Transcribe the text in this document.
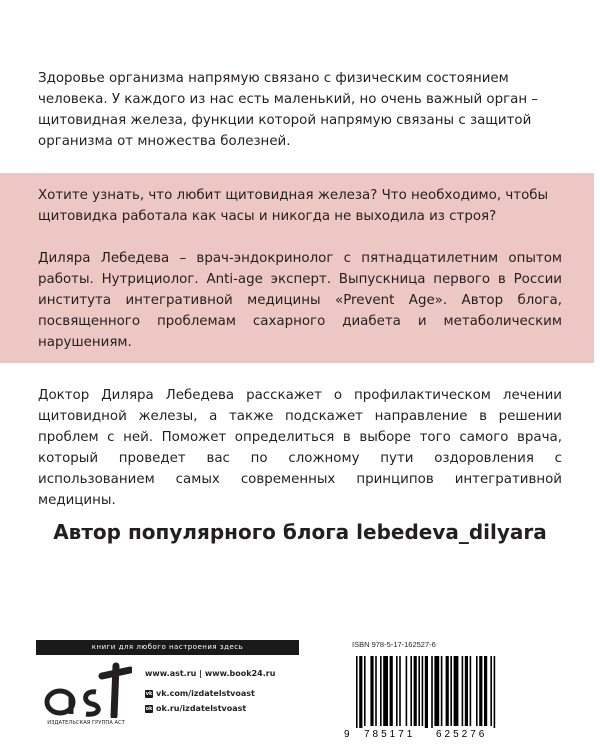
Здоровье организма напрямую связано с физическим состоянием человека. У каждого из нас есть маленький, но очень важный орган – щитовидная железа, функции которой напрямую связаны с защитой организма от множества болезней.

Хотите узнать, что любит щитовидная железа? Что необходимо, чтобы щитовидка работала как часы и никогда не выходила из строя?

Диляра Лебедева – врач-эндокринолог с пятнадцатилетним опытом работы. Нутрициолог. Anti-age эксперт. Выпускница первого в России института интегративной медицины «Prevent Age». Автор блога, посвященного проблемам сахарного диабета и метаболическим нарушениям.

Доктор Диляра Лебедева расскажет о профилактическом лечении щитовидной железы, а также подскажет направление в решении проблем с ней. Поможет определиться в выборе того самого врача, который проведет вас по сложному пути оздоровления с использованием самых современных принципов интегративной медицины.

Автор популярного блога lebedeva_dilyara
книги для любого настроения здесь
ИЗДАТЕЛЬСКАЯ ГРУППА АСТ
www.ast.ru | www.book24.ru
vk vk.com/izdatelstvoast
ok ok.ru/izdatelstvoast
ISBN 978-5-17-162527-6
9 785171 625276
